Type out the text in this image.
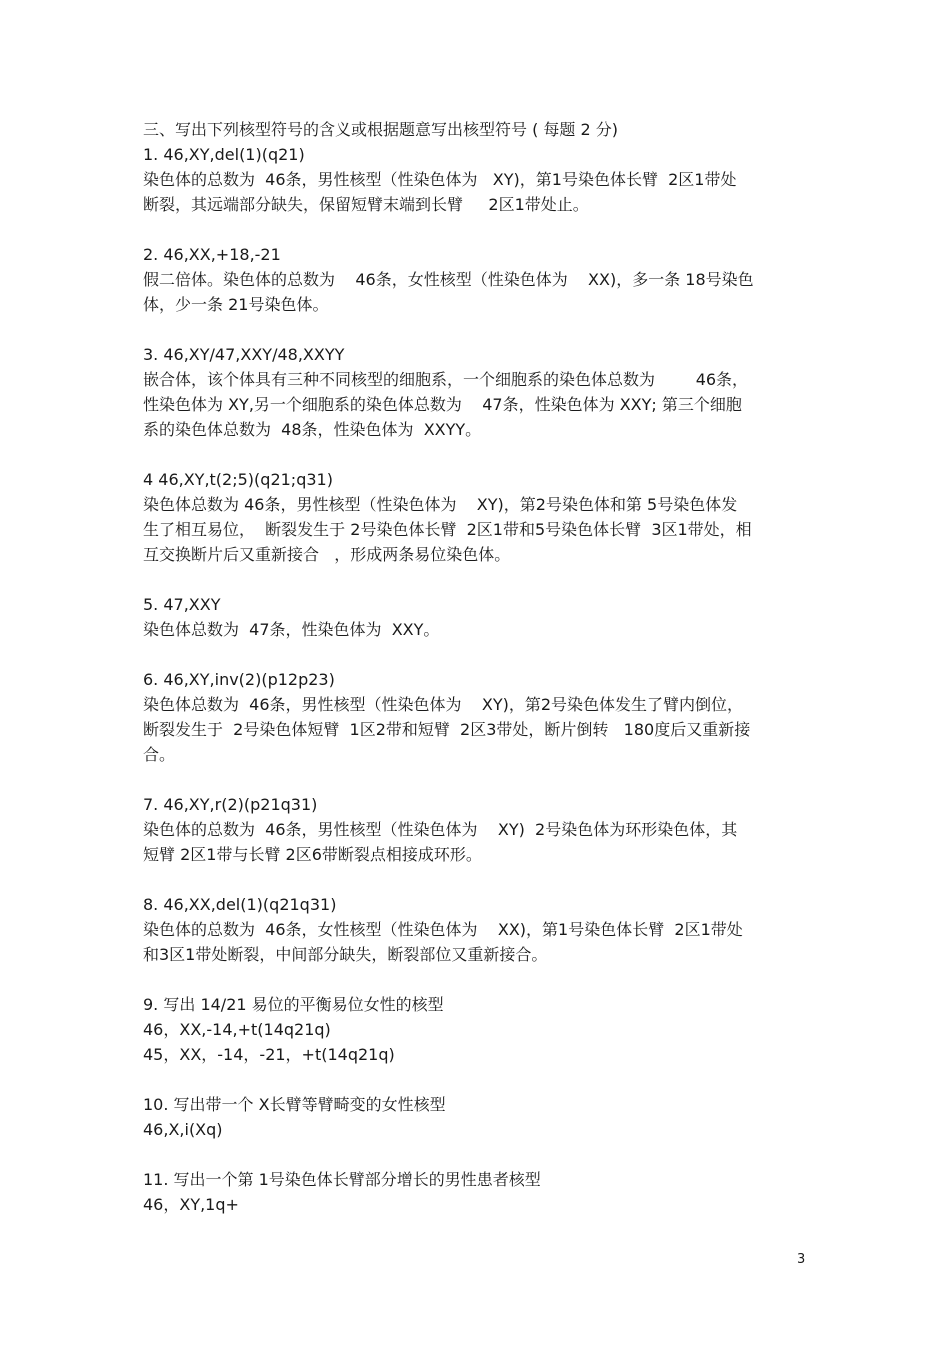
三、写出下列核型符号的含义或根据题意写出核型符号 ( 每题 2 分)
1. 46,XY,del(1)(q21)
染色体的总数为  46条，男性核型（性染色体为   XY)，第1号染色体长臂  2区1带处
断裂，其远端部分缺失，保留短臂末端到长臂     2区1带处止。
2. 46,XX,+18,-21
假二倍体。染色体的总数为    46条，女性核型（性染色体为    XX)，多一条 18号染色
体，少一条 21号染色体。
3. 46,XY/47,XXY/48,XXYY
嵌合体，该个体具有三种不同核型的细胞系，一个细胞系的染色体总数为        46条，
性染色体为 XY,另一个细胞系的染色体总数为    47条，性染色体为 XXY; 第三个细胞
系的染色体总数为  48条，性染色体为  XXYY。
4 46,XY,t(2;5)(q21;q31)
染色体总数为 46条，男性核型（性染色体为    XY)，第2号染色体和第 5号染色体发
生了相互易位，  断裂发生于 2号染色体长臂  2区1带和5号染色体长臂  3区1带处，相
互交换断片后又重新接合   ，形成两条易位染色体。
5. 47,XXY
染色体总数为  47条，性染色体为  XXY。
6. 46,XY,inv(2)(p12p23)
染色体总数为  46条，男性核型（性染色体为    XY)，第2号染色体发生了臂内倒位，
断裂发生于  2号染色体短臂  1区2带和短臂  2区3带处，断片倒转   180度后又重新接
合。
7. 46,XY,r(2)(p21q31)
染色体的总数为  46条，男性核型（性染色体为    XY)  2号染色体为环形染色体，其
短臂 2区1带与长臂 2区6带断裂点相接成环形。
8. 46,XX,del(1)(q21q31)
染色体的总数为  46条，女性核型（性染色体为    XX)，第1号染色体长臂  2区1带处
和3区1带处断裂，中间部分缺失，断裂部位又重新接合。
9. 写出 14/21 易位的平衡易位女性的核型
46，XX,-14,+t(14q21q)
45，XX，-14，-21，+t(14q21q)
10. 写出带一个 X长臂等臂畸变的女性核型
46,X,i(Xq)
11. 写出一个第 1号染色体长臂部分增长的男性患者核型
46，XY,1q+
3
